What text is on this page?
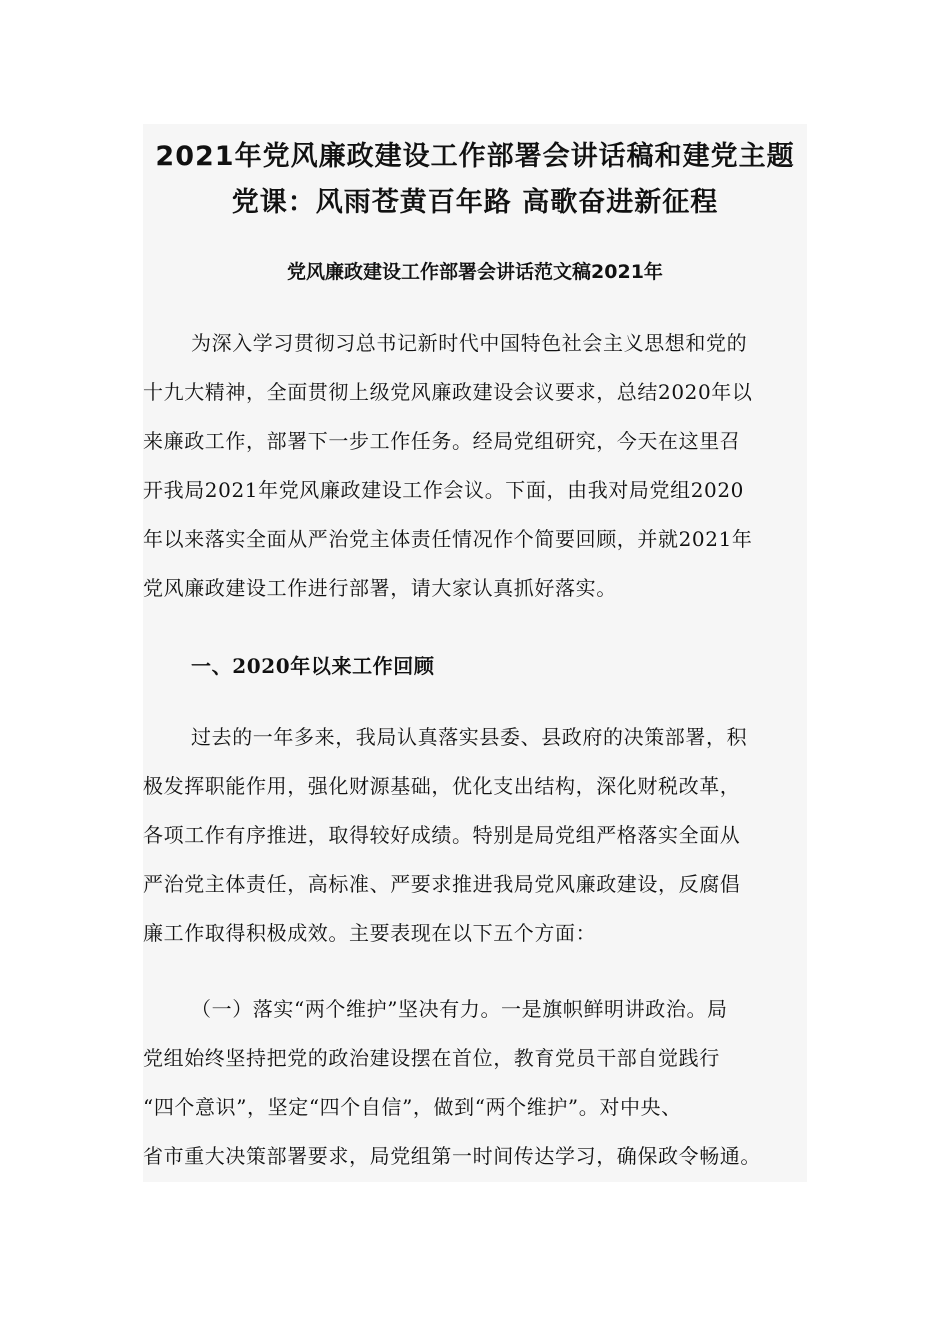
2021年党风廉政建设工作部署会讲话稿和建党主题
党课：风雨苍黄百年路 高歌奋进新征程
党风廉政建设工作部署会讲话范文稿2021年

为深入学习贯彻习总书记新时代中国特色社会主义思想和党的
十九大精神，全面贯彻上级党风廉政建设会议要求，总结2020年以
来廉政工作，部署下一步工作任务。经局党组研究，今天在这里召
开我局2021年党风廉政建设工作会议。下面，由我对局党组2020
年以来落实全面从严治党主体责任情况作个简要回顾，并就2021年
党风廉政建设工作进行部署，请大家认真抓好落实。

一、2020年以来工作回顾

过去的一年多来，我局认真落实县委、县政府的决策部署，积
极发挥职能作用，强化财源基础，优化支出结构，深化财税改革，
各项工作有序推进，取得较好成绩。特别是局党组严格落实全面从
严治党主体责任，高标准、严要求推进我局党风廉政建设，反腐倡
廉工作取得积极成效。主要表现在以下五个方面：

（一）落实“两个维护”坚决有力。一是旗帜鲜明讲政治。局
党组始终坚持把党的政治建设摆在首位，教育党员干部自觉践行
“四个意识”，坚定“四个自信”，做到“两个维护”。对中央、
省市重大决策部署要求，局党组第一时间传达学习，确保政令畅通。
